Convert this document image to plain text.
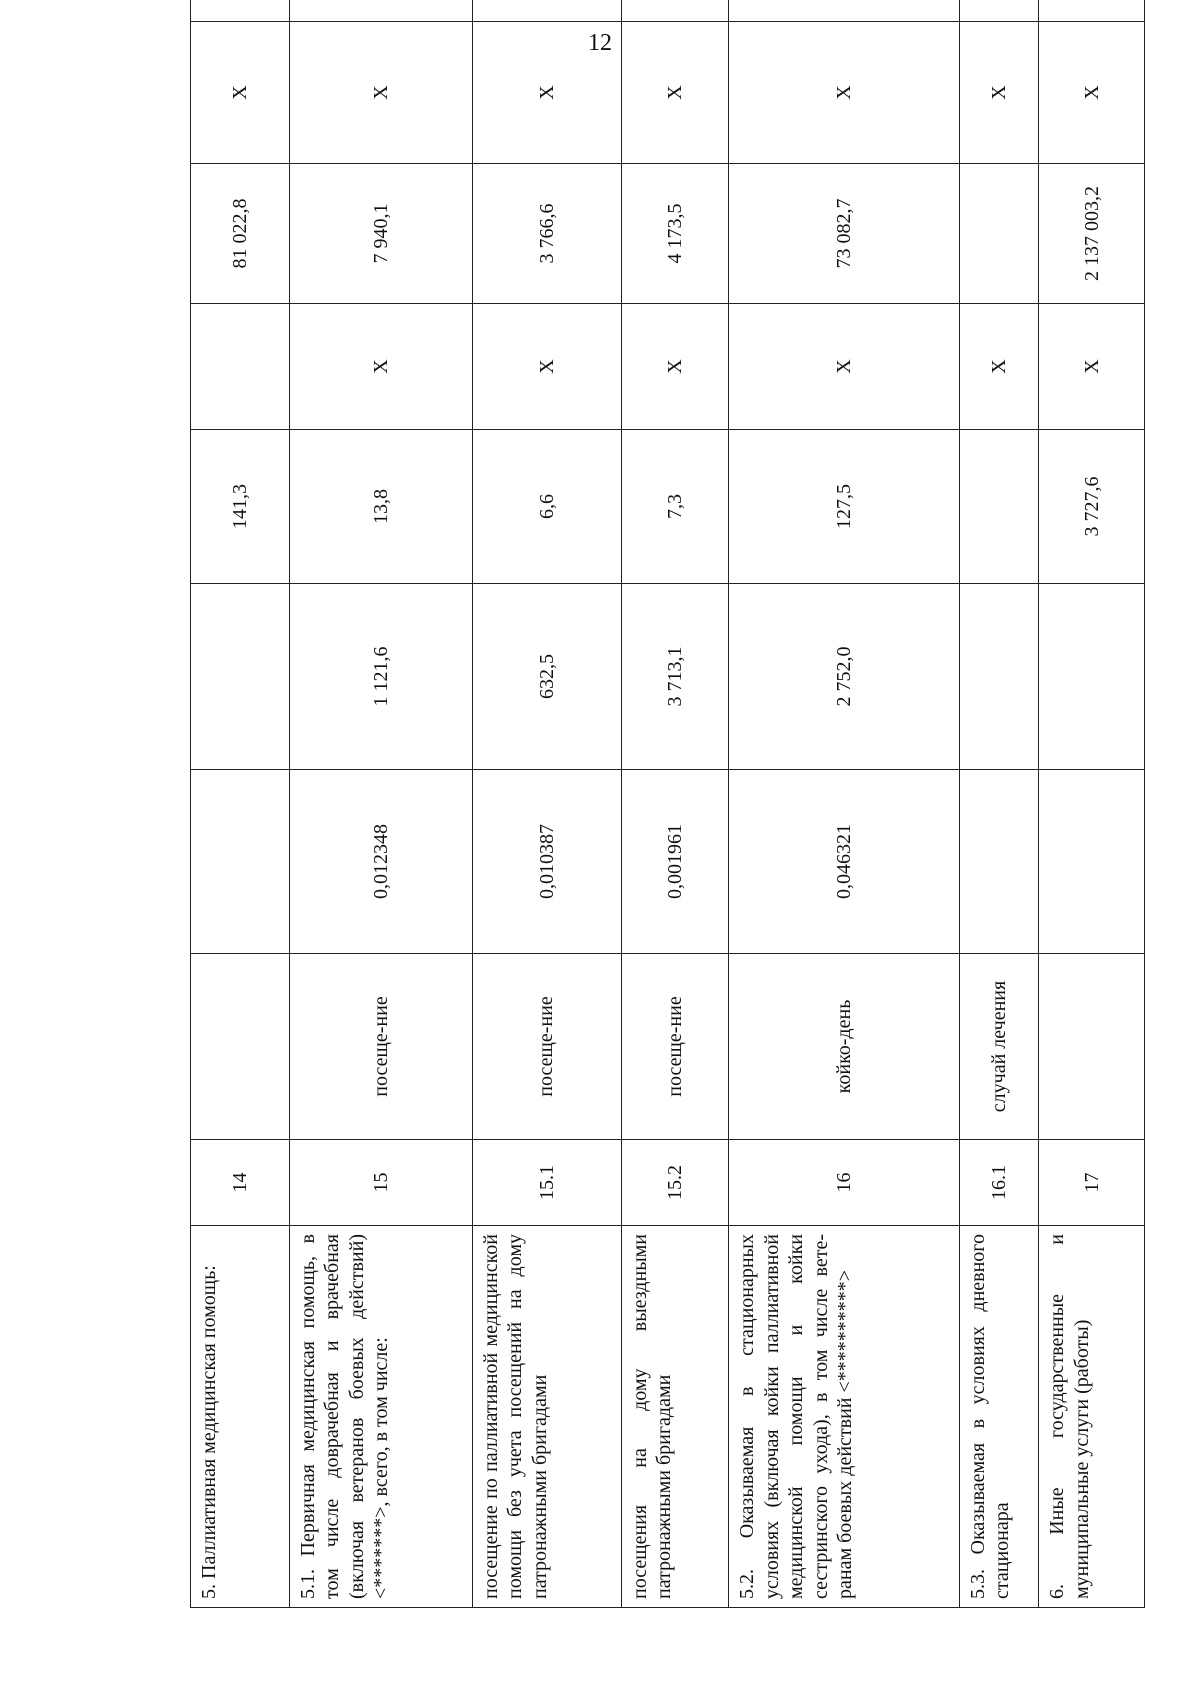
12
5. Паллиативная медицинская помощь:	14				141,3		81 022,8	X	
5.1. Первичная медицинская помощь, в том числе доврачебная и врачебная (включая ветеранов боевых действий) <*******>, всего, в том числе:	15	посеще-ние	0,012348	1 121,6	13,8	X	7 940,1	X	
посещение по паллиативной медицинской помощи без учета посещений на дому патронажными бригадами	15.1	посеще-ние	0,010387	632,5	6,6	X	3 766,6	X	
посещения на дому выездными патронажными бригадами	15.2	посеще-ние	0,001961	3 713,1	7,3	X	4 173,5	X	
5.2. Оказываемая в стационарных условиях (включая койки паллиативной медицинской помощи и койки сестринского ухода), в том числе ветеранам боевых действий <**********>	16	койко-день	0,046321	2 752,0	127,5	X	73 082,7	X	
5.3. Оказываемая в условиях дневного стационара	16.1	случай лечения				X		X	
6. Иные государственные и муниципальные услуги (работы)	17				3 727,6	X	2 137 003,2	X	
